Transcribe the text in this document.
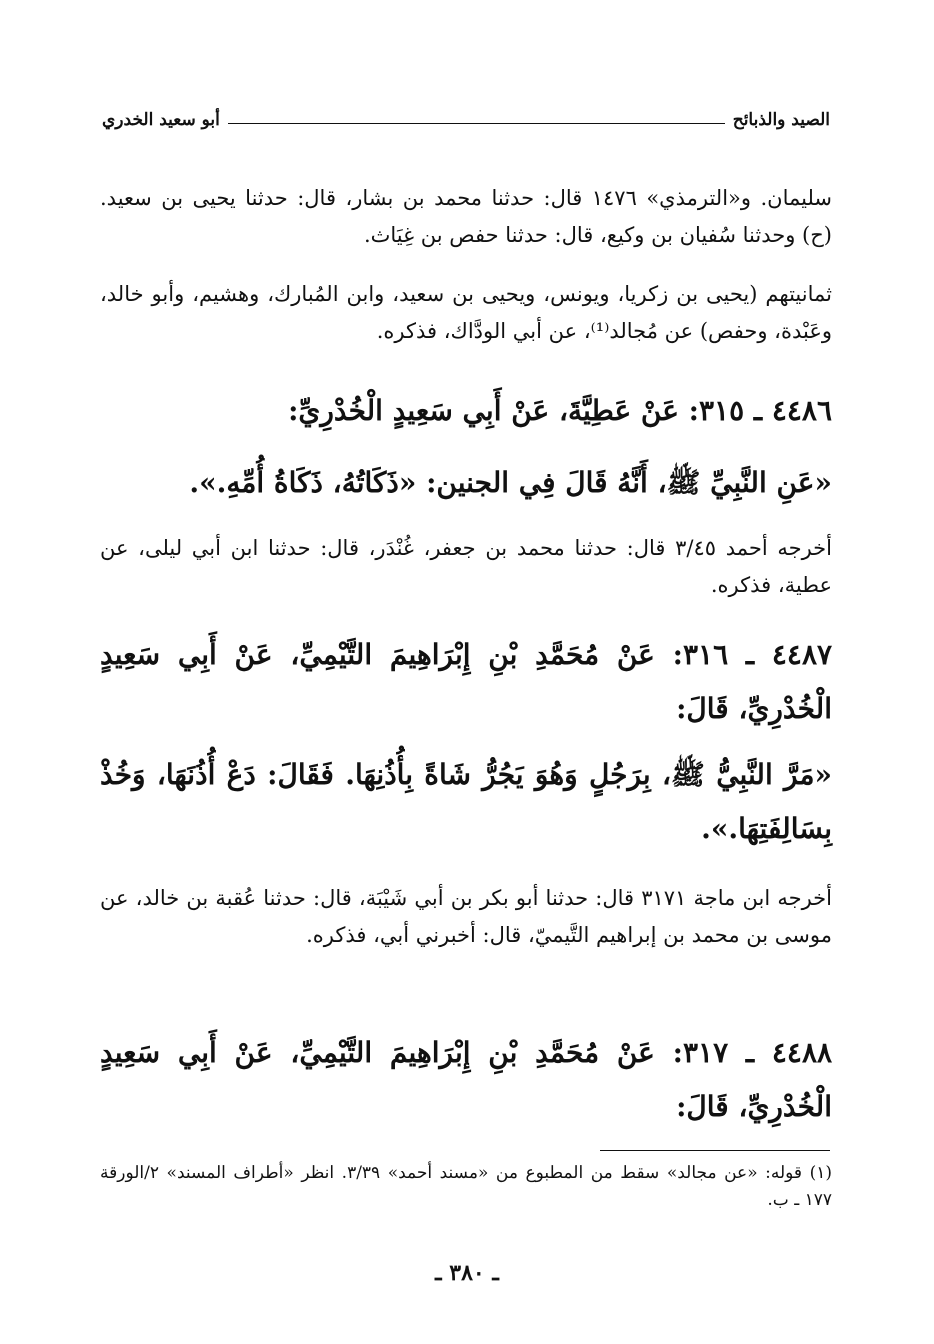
الصيد والذبائح
أبو سعيد الخدري

سليمان. و«الترمذي» ١٤٧٦ قال: حدثنا محمد بن بشار، قال: حدثنا يحيى بن سعيد. (ح) وحدثنا سُفيان بن وكيع، قال: حدثنا حفص بن غِيَاث.

ثمانيتهم (يحيى بن زكريا، ويونس، ويحيى بن سعيد، وابن المُبارك، وهشيم، وأبو خالد، وعَبْدة، وحفص) عن مُجالد⁽¹⁾، عن أبي الودَّاك، فذكره.

٤٤٨٦ ـ ٣١٥: عَنْ عَطِيَّةَ، عَنْ أَبِي سَعِيدٍ الْخُدْرِيِّ:

«عَنِ النَّبِيِّ ﷺ، أَنَّهُ قَالَ فِي الجنين: «ذَكَاتُهُ، ذَكَاةُ أُمِّهِ.».

أخرجه أحمد ٣/٤٥ قال: حدثنا محمد بن جعفر، غُنْدَر، قال: حدثنا ابن أبي ليلى، عن عطية، فذكره.

٤٤٨٧ ـ ٣١٦: عَنْ مُحَمَّدِ بْنِ إِبْرَاهِيمَ التَّيْمِيِّ، عَنْ أَبِي سَعِيدٍ الْخُدْرِيِّ، قَالَ:

«مَرَّ النَّبِيُّ ﷺ، بِرَجُلٍ وَهُوَ يَجُرُّ شَاةً بِأُذُنِهَا. فَقَالَ: دَعْ أُذُنَهَا، وَخُذْ بِسَالِفَتِهَا.».

أخرجه ابن ماجة ٣١٧١ قال: حدثنا أبو بكر بن أبي شَيْبَة، قال: حدثنا عُقبة بن خالد، عن موسى بن محمد بن إبراهيم التَّيميّ، قال: أخبرني أبي، فذكره.

٤٤٨٨ ـ ٣١٧: عَنْ مُحَمَّدِ بْنِ إِبْرَاهِيمَ التَّيْمِيِّ، عَنْ أَبِي سَعِيدٍ الْخُدْرِيِّ، قَالَ:

(١) قوله: «عن مجالد» سقط من المطبوع من «مسند أحمد» ٣/٣٩. انظر «أطراف المسند» ٢/الورقة ١٧٧ ـ ب.

ـ ٣٨٠ ـ
